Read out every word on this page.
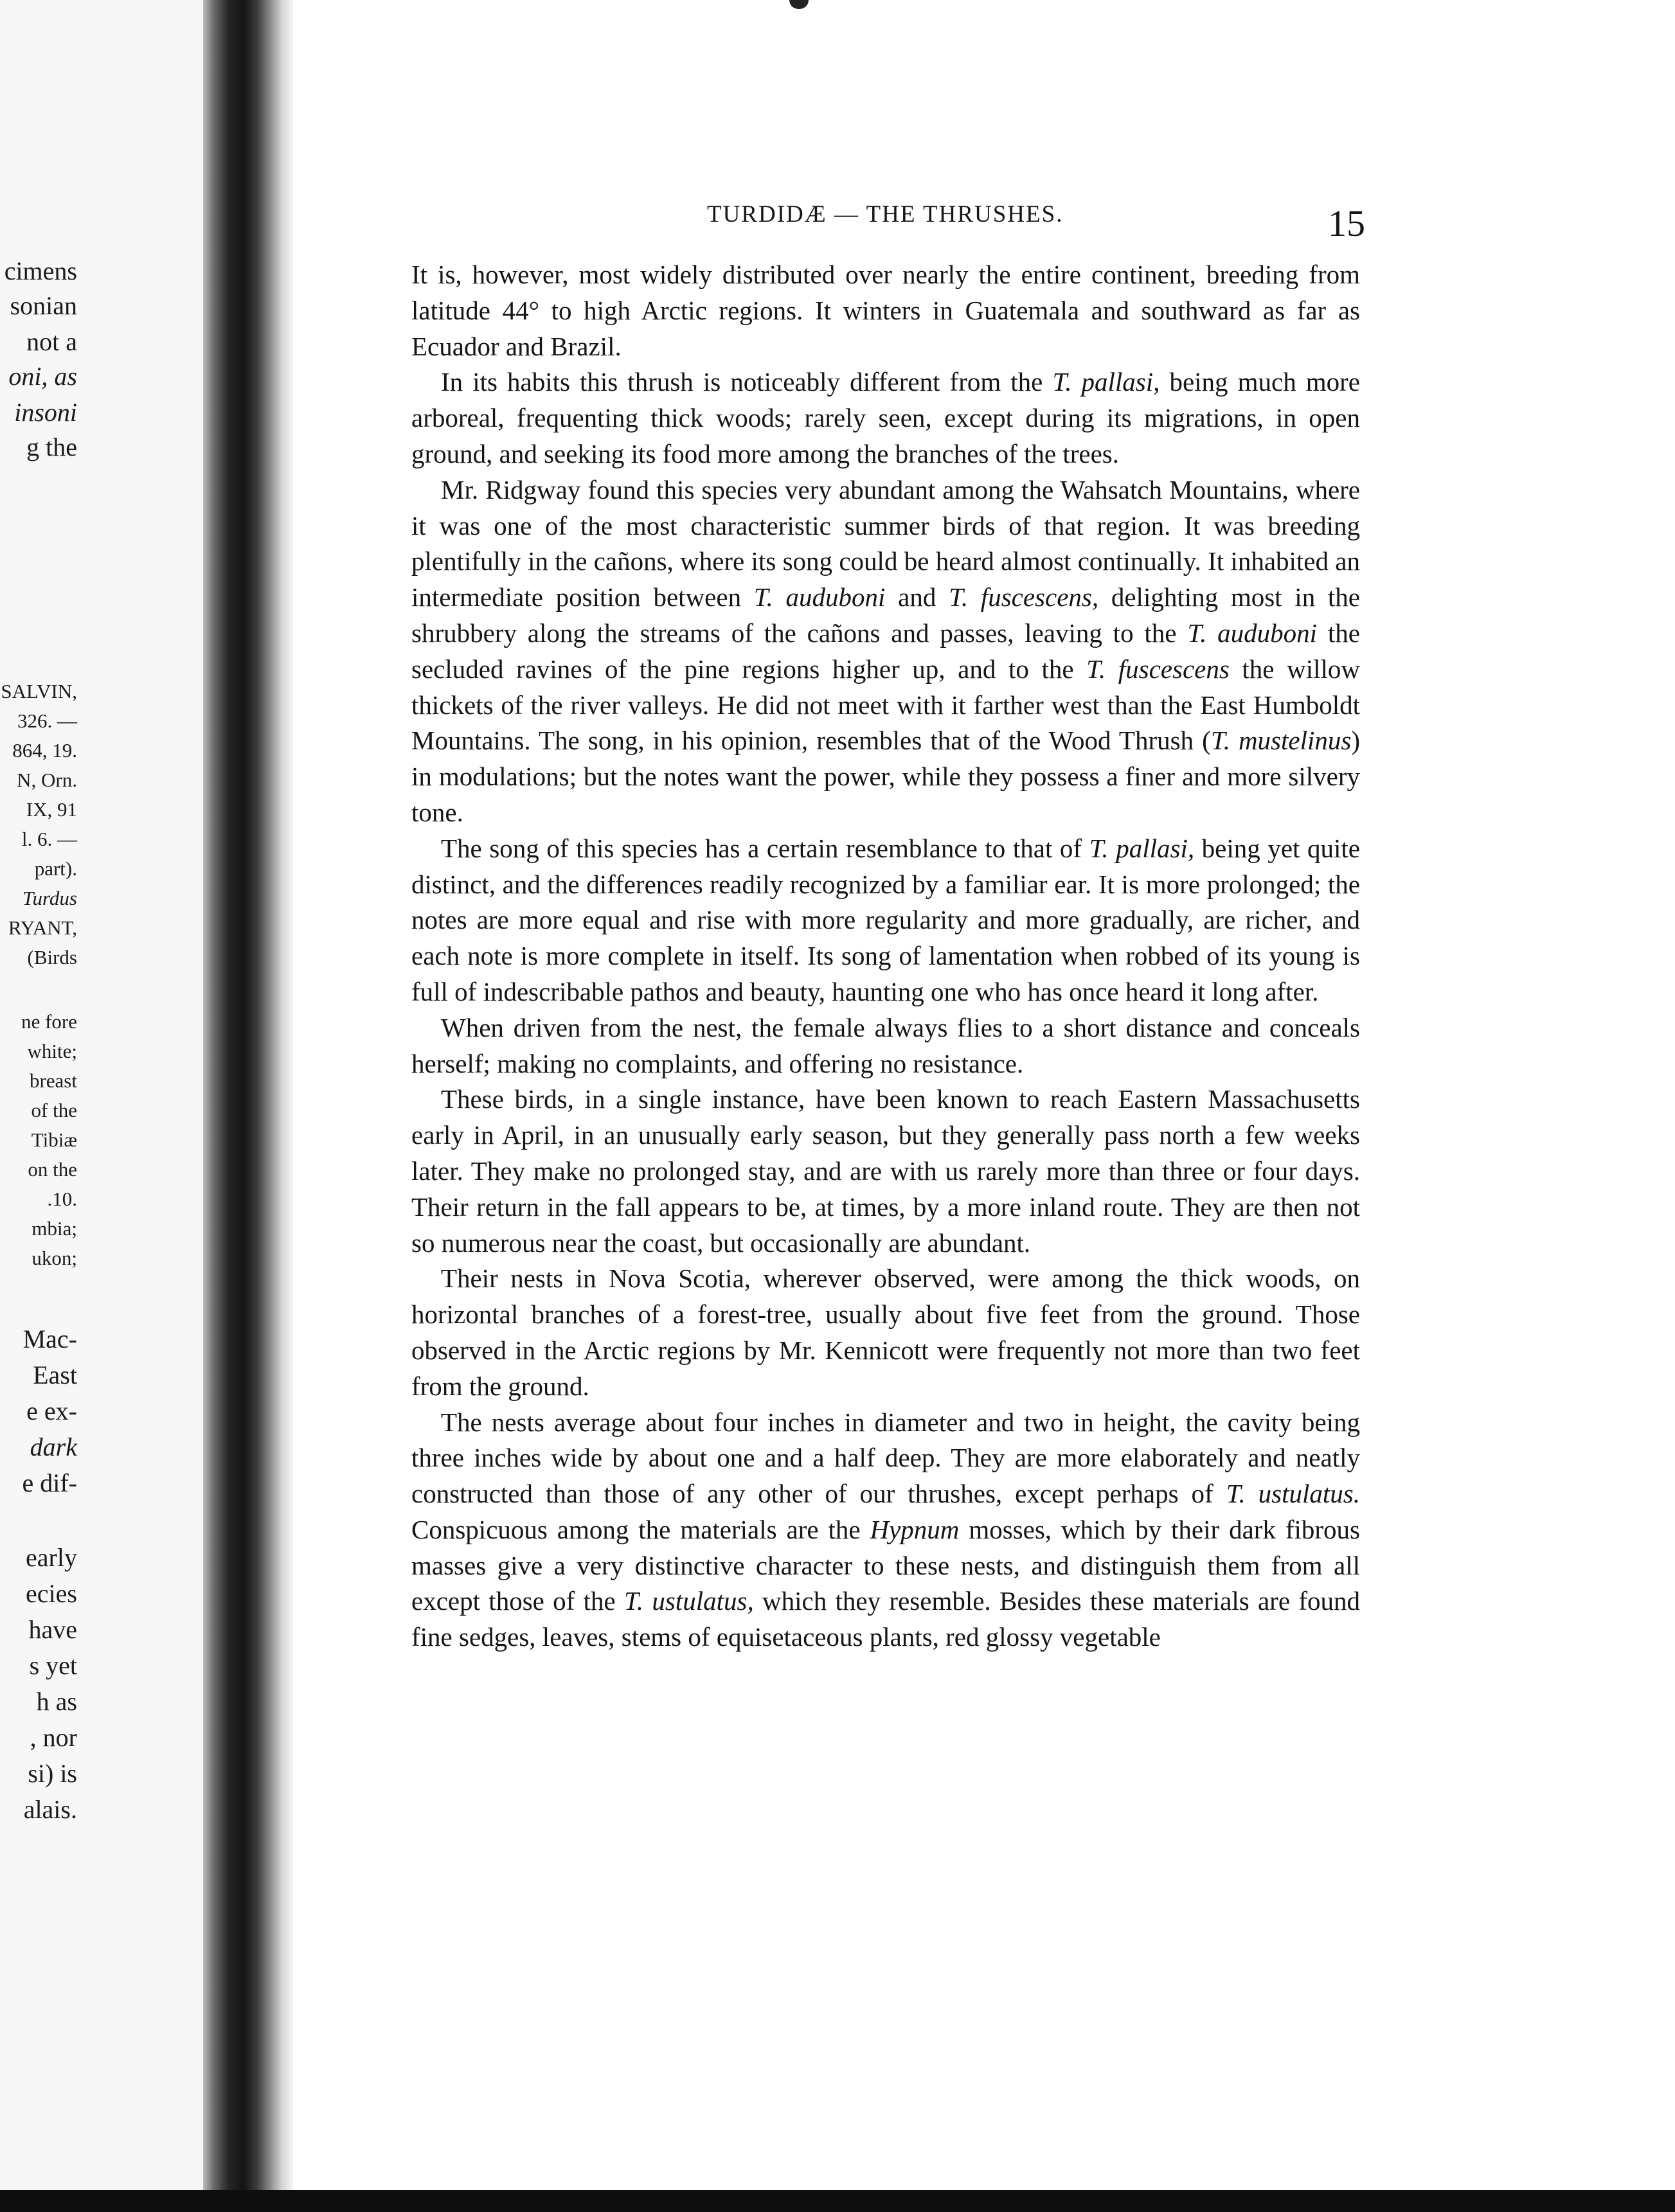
cimens
sonian
not a
oni, as
insoni
g the
SALVIN,
326. —
864, 19.
N, Orn.
IX, 91
l. 6. —
part).
Turdus
RYANT,
(Birds
ne fore
white;
breast
of the
Tibiæ
on the
.10.
mbia;
ukon;
Mac-
East
e ex-
dark
e dif-
early
ecies
have
s yet
h as
, nor
si) is
alais.
TURDIDÆ — THE THRUSHES.	15

It is, however, most widely distributed over nearly the entire continent, breeding from latitude 44° to high Arctic regions. It winters in Guatemala and southward as far as Ecuador and Brazil.

In its habits this thrush is noticeably different from the T. pallasi, being much more arboreal, frequenting thick woods; rarely seen, except during its migrations, in open ground, and seeking its food more among the branches of the trees.

Mr. Ridgway found this species very abundant among the Wahsatch Mountains, where it was one of the most characteristic summer birds of that region. It was breeding plentifully in the cañons, where its song could be heard almost continually. It inhabited an intermediate position between T. auduboni and T. fuscescens, delighting most in the shrubbery along the streams of the cañons and passes, leaving to the T. auduboni the secluded ravines of the pine regions higher up, and to the T. fuscescens the willow thickets of the river valleys. He did not meet with it farther west than the East Humboldt Mountains. The song, in his opinion, resembles that of the Wood Thrush (T. mustelinus) in modulations; but the notes want the power, while they possess a finer and more silvery tone.

The song of this species has a certain resemblance to that of T. pallasi, being yet quite distinct, and the differences readily recognized by a familiar ear. It is more prolonged; the notes are more equal and rise with more regularity and more gradually, are richer, and each note is more complete in itself. Its song of lamentation when robbed of its young is full of indescribable pathos and beauty, haunting one who has once heard it long after.

When driven from the nest, the female always flies to a short distance and conceals herself; making no complaints, and offering no resistance.

These birds, in a single instance, have been known to reach Eastern Massachusetts early in April, in an unusually early season, but they generally pass north a few weeks later. They make no prolonged stay, and are with us rarely more than three or four days. Their return in the fall appears to be, at times, by a more inland route. They are then not so numerous near the coast, but occasionally are abundant.

Their nests in Nova Scotia, wherever observed, were among the thick woods, on horizontal branches of a forest-tree, usually about five feet from the ground. Those observed in the Arctic regions by Mr. Kennicott were frequently not more than two feet from the ground.

The nests average about four inches in diameter and two in height, the cavity being three inches wide by about one and a half deep. They are more elaborately and neatly constructed than those of any other of our thrushes, except perhaps of T. ustulatus. Conspicuous among the materials are the Hypnum mosses, which by their dark fibrous masses give a very distinctive character to these nests, and distinguish them from all except those of the T. ustulatus, which they resemble. Besides these materials are found fine sedges, leaves, stems of equisetaceous plants, red glossy vegetable
